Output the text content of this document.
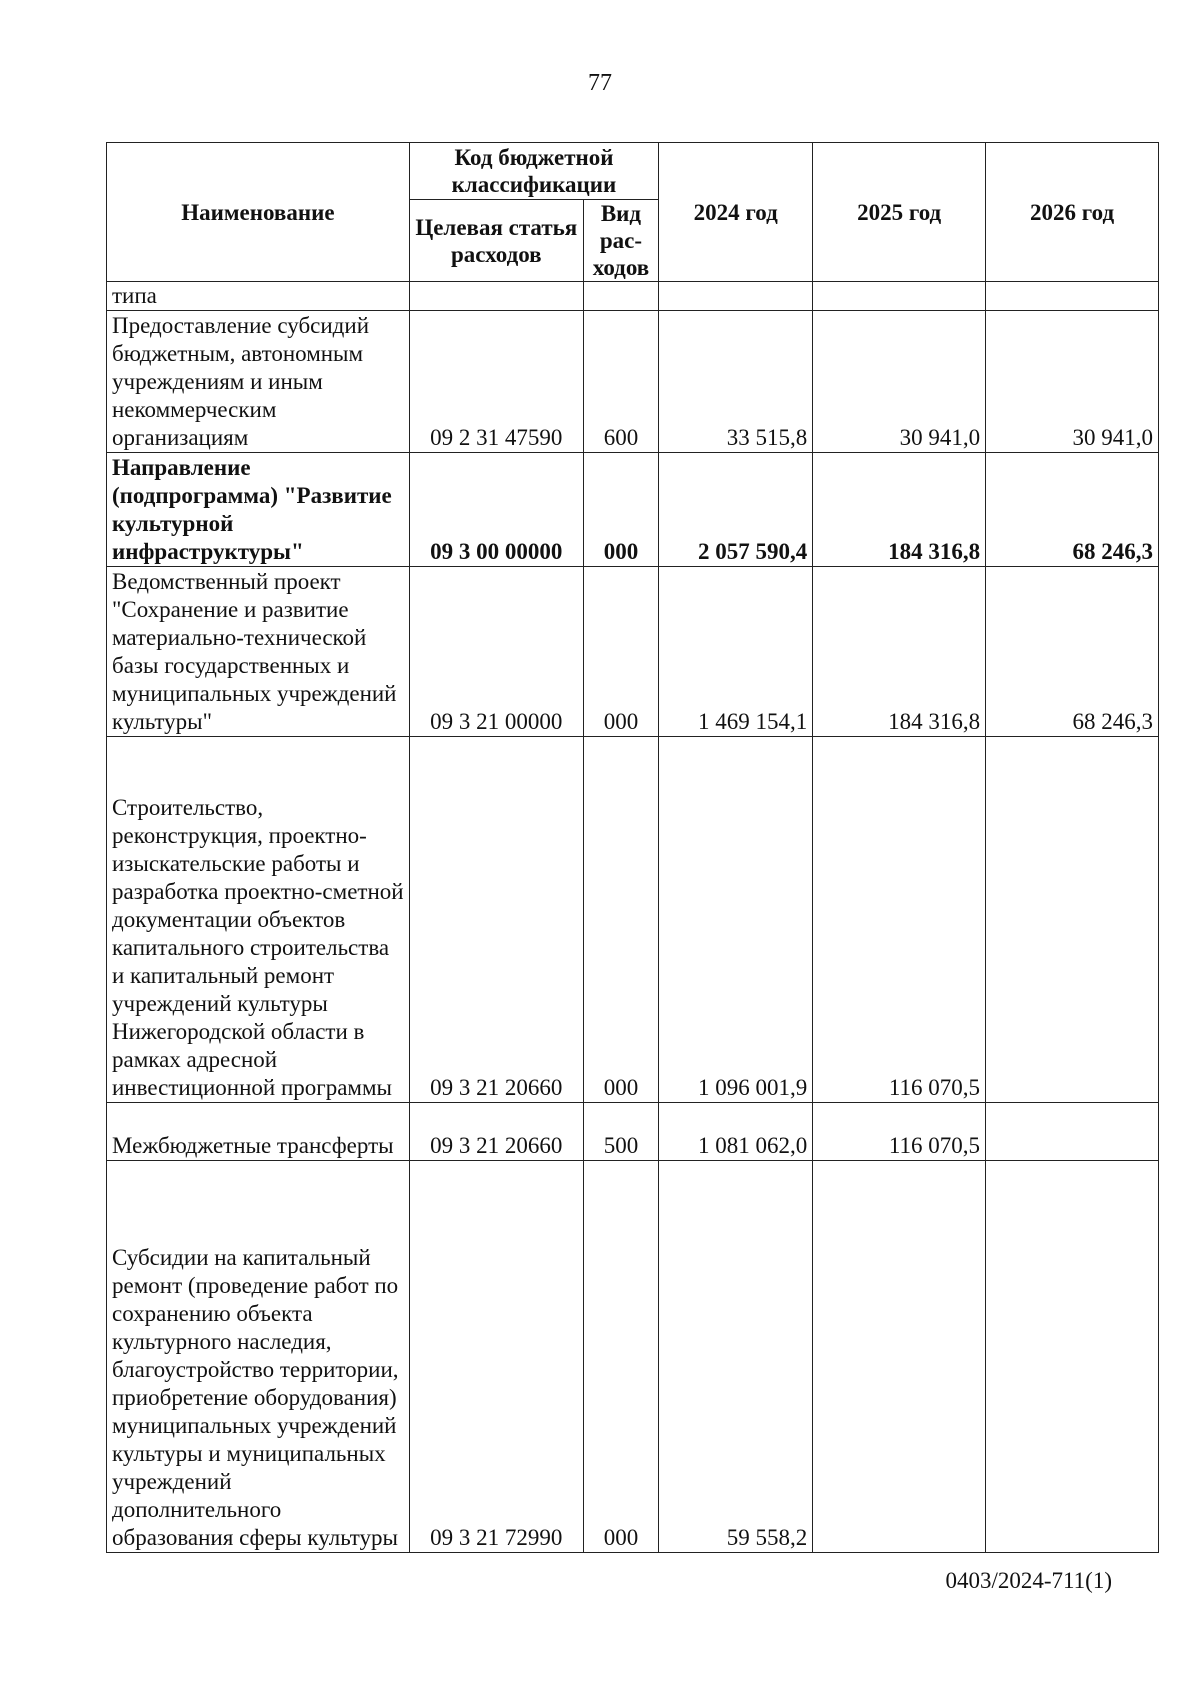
77
Наименование	Код бюджетной классификации		2024 год	2025 год	2026 год
	Целевая статья расходов	Вид рас-ходов			
типа					
Предоставление субсидий бюджетным, автономным учреждениям и иным некоммерческим организациям	09 2 31 47590	600	33 515,8	30 941,0	30 941,0
Направление (подпрограмма) "Развитие культурной инфраструктуры"	09 3 00 00000	000	2 057 590,4	184 316,8	68 246,3
Ведомственный проект "Сохранение и развитие материально-технической базы государственных и муниципальных учреждений культуры"	09 3 21 00000	000	1 469 154,1	184 316,8	68 246,3
Строительство, реконструкция, проектно-изыскательские работы и разработка проектно-сметной документации объектов капитального строительства и капитальный ремонт учреждений культуры Нижегородской области в рамках адресной инвестиционной программы	09 3 21 20660	000	1 096 001,9	116 070,5	
Межбюджетные трансферты	09 3 21 20660	500	1 081 062,0	116 070,5	
Субсидии на капитальный ремонт (проведение работ по сохранению объекта культурного наследия, благоустройство территории, приобретение оборудования) муниципальных учреждений культуры и муниципальных учреждений дополнительного образования сферы культуры	09 3 21 72990	000	59 558,2		
0403/2024-711(1)
